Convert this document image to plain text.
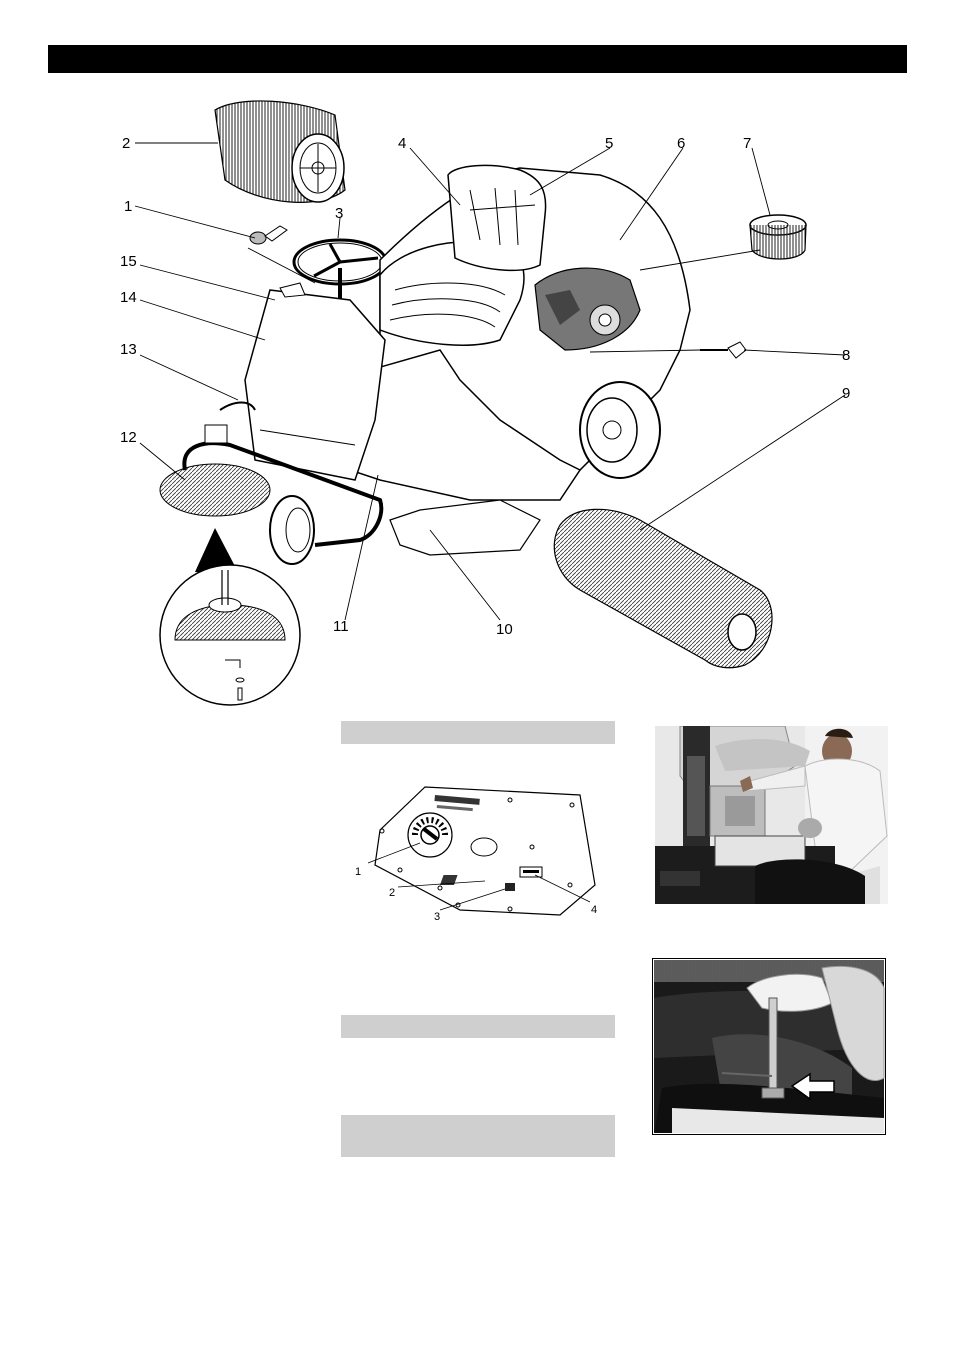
2
1	3
4	5	6	7
8
9
10
11
12
13
14
15
1
2
3
4
